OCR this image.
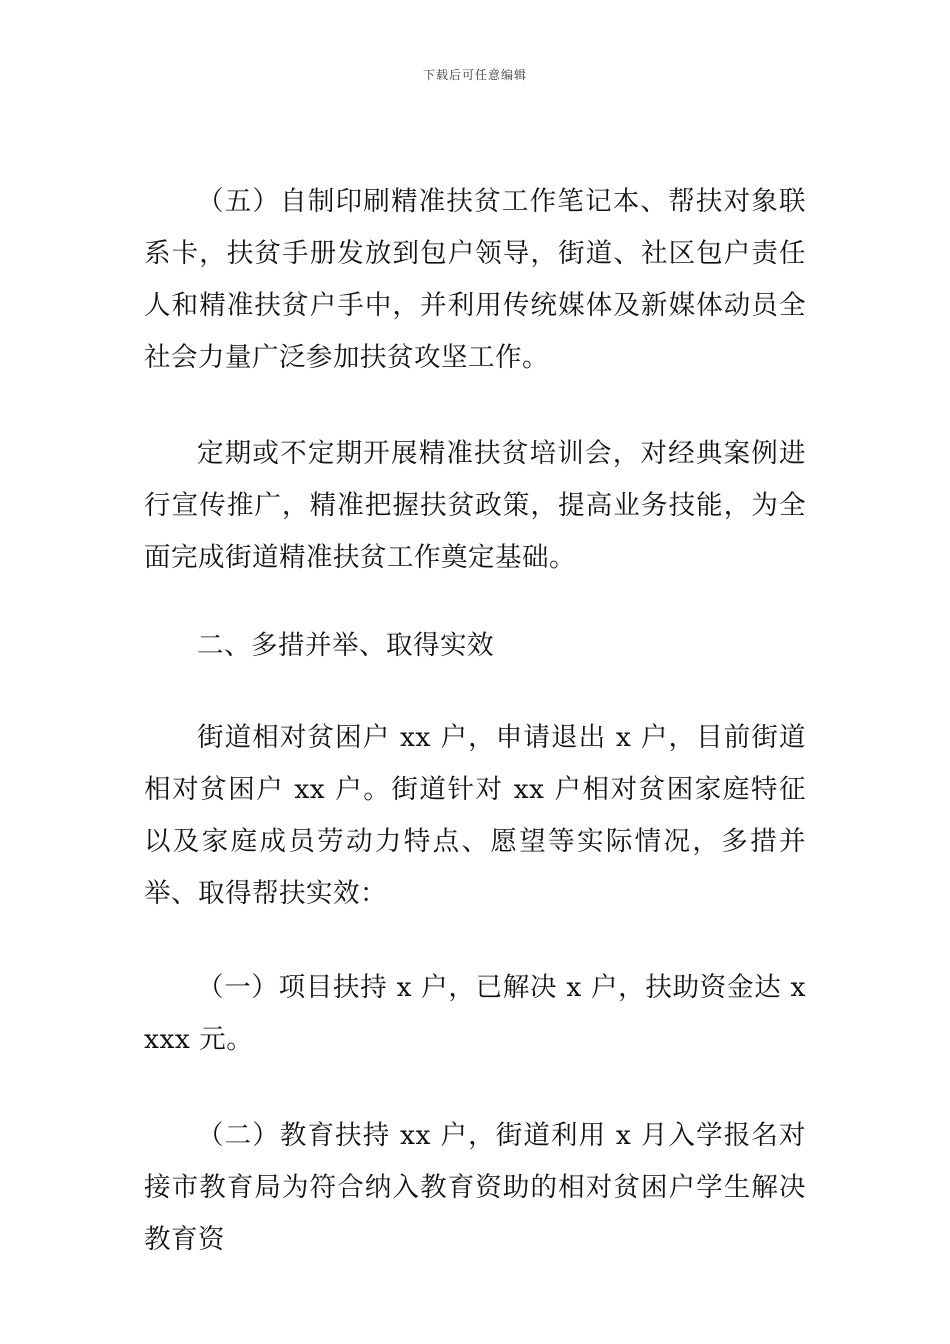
下载后可任意编辑

（五）自制印刷精准扶贫工作笔记本、帮扶对象联系卡，扶贫手册发放到包户领导，街道、社区包户责任人和精准扶贫户手中，并利用传统媒体及新媒体动员全社会力量广泛参加扶贫攻坚工作。

定期或不定期开展精准扶贫培训会，对经典案例进行宣传推广，精准把握扶贫政策，提高业务技能，为全面完成街道精准扶贫工作奠定基础。

二、多措并举、取得实效

街道相对贫困户 xx 户，申请退出 x 户，目前街道相对贫困户 xx 户。街道针对 xx 户相对贫困家庭特征以及家庭成员劳动力特点、愿望等实际情况，多措并举、取得帮扶实效：

（一）项目扶持 x 户，已解决 x 户，扶助资金达 xxxx 元。

（二）教育扶持 xx 户，街道利用 x 月入学报名对接市教育局为符合纳入教育资助的相对贫困户学生解决教育资
